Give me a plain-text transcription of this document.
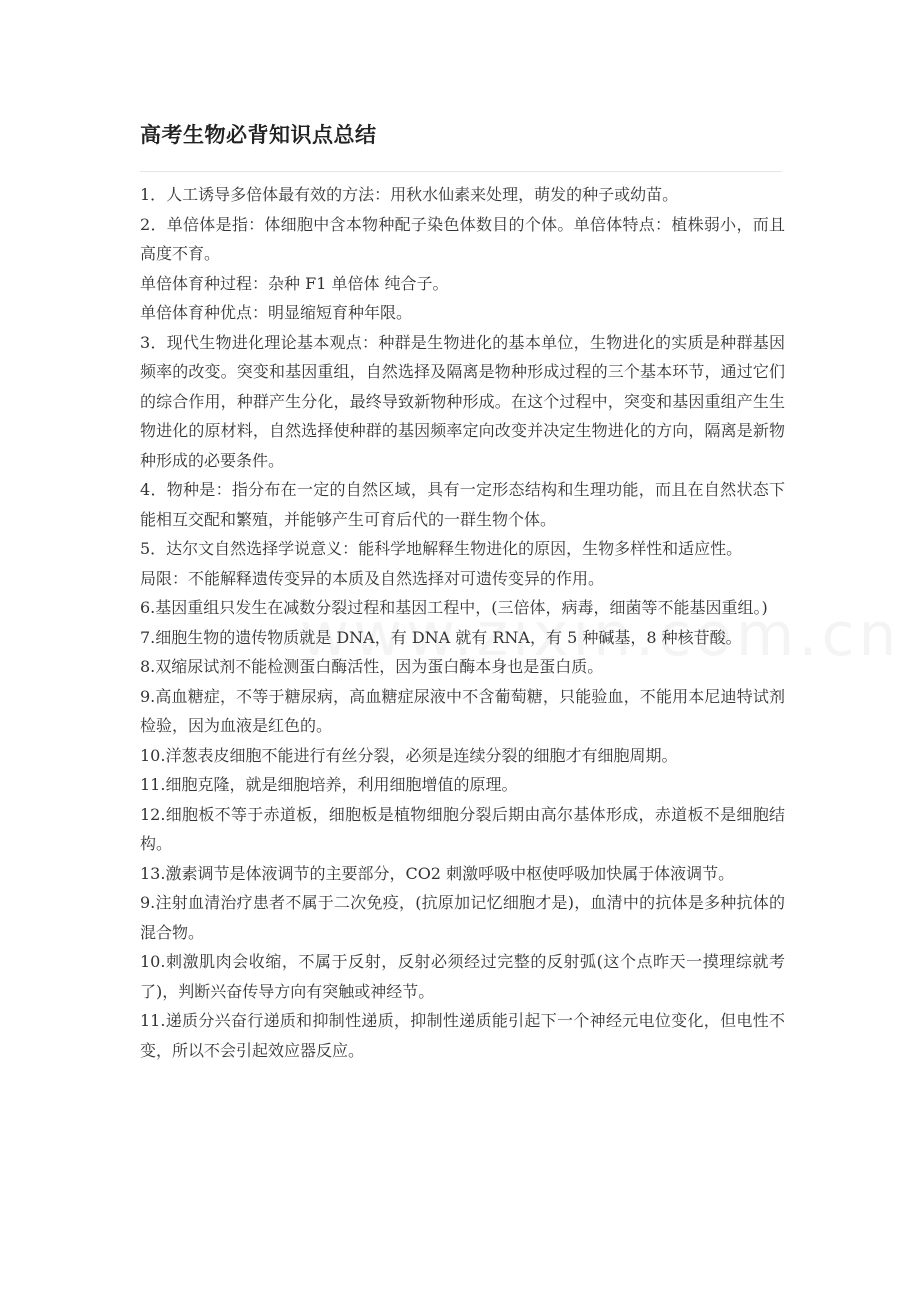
高考生物必背知识点总结

1．人工诱导多倍体最有效的方法：用秋水仙素来处理，萌发的种子或幼苗。

2．单倍体是指：体细胞中含本物种配子染色体数目的个体。单倍体特点：植株弱小，而且高度不育。

单倍体育种过程：杂种 F1 单倍体 纯合子。

单倍体育种优点：明显缩短育种年限。

3．现代生物进化理论基本观点：种群是生物进化的基本单位，生物进化的实质是种群基因频率的改变。突变和基因重组，自然选择及隔离是物种形成过程的三个基本环节，通过它们的综合作用，种群产生分化，最终导致新物种形成。在这个过程中，突变和基因重组产生生物进化的原材料，自然选择使种群的基因频率定向改变并决定生物进化的方向，隔离是新物种形成的必要条件。

4．物种是：指分布在一定的自然区域，具有一定形态结构和生理功能，而且在自然状态下能相互交配和繁殖，并能够产生可育后代的一群生物个体。

5．达尔文自然选择学说意义：能科学地解释生物进化的原因，生物多样性和适应性。

局限：不能解释遗传变异的本质及自然选择对可遗传变异的作用。

6.基因重组只发生在减数分裂过程和基因工程中，(三倍体，病毒，细菌等不能基因重组。)

7.细胞生物的遗传物质就是 DNA，有 DNA 就有 RNA，有 5 种碱基，8 种核苷酸。

8.双缩尿试剂不能检测蛋白酶活性，因为蛋白酶本身也是蛋白质。

9.高血糖症，不等于糖尿病，高血糖症尿液中不含葡萄糖，只能验血，不能用本尼迪特试剂检验，因为血液是红色的。

10.洋葱表皮细胞不能进行有丝分裂，必须是连续分裂的细胞才有细胞周期。

11.细胞克隆，就是细胞培养，利用细胞增值的原理。

12.细胞板不等于赤道板，细胞板是植物细胞分裂后期由高尔基体形成，赤道板不是细胞结构。

13.激素调节是体液调节的主要部分，CO2 刺激呼吸中枢使呼吸加快属于体液调节。

9.注射血清治疗患者不属于二次免疫，(抗原加记忆细胞才是)，血清中的抗体是多种抗体的混合物。

10.刺激肌肉会收缩，不属于反射，反射必须经过完整的反射弧(这个点昨天一摸理综就考了)，判断兴奋传导方向有突触或神经节。

11.递质分兴奋行递质和抑制性递质，抑制性递质能引起下一个神经元电位变化，但电性不变，所以不会引起效应器反应。
